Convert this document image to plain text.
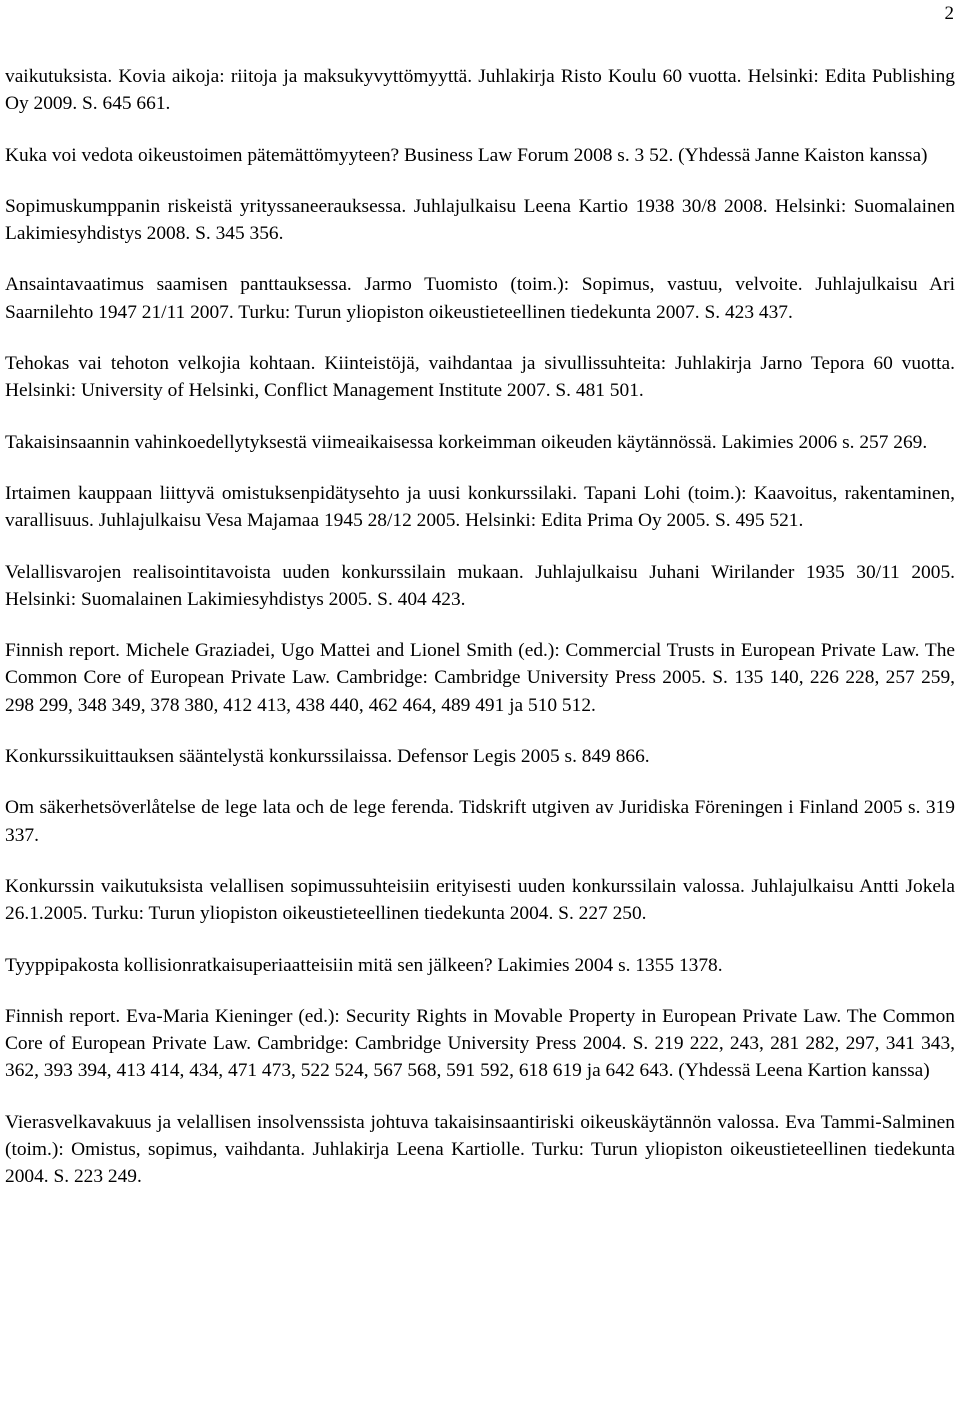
2

vaikutuksista. Kovia aikoja: riitoja ja maksukyvyttömyyttä. Juhlakirja Risto Koulu 60 vuotta. Helsinki: Edita Publishing Oy 2009. S. 645 661.

Kuka voi vedota oikeustoimen pätemättömyyteen? Business Law Forum 2008 s. 3 52. (Yhdessä Janne Kaiston kanssa)

Sopimuskumppanin riskeistä yrityssaneerauksessa. Juhlajulkaisu Leena Kartio 1938 30/8 2008. Helsinki: Suomalainen Lakimiesyhdistys 2008. S. 345 356.

Ansaintavaatimus saamisen panttauksessa. Jarmo Tuomisto (toim.): Sopimus, vastuu, velvoite. Juhlajulkaisu Ari Saarnilehto 1947 21/11 2007. Turku: Turun yliopiston oikeustieteellinen tiedekunta 2007. S. 423 437.

Tehokas vai tehoton velkojia kohtaan. Kiinteistöjä, vaihdantaa ja sivullissuhteita: Juhlakirja Jarno Tepora 60 vuotta. Helsinki: University of Helsinki, Conflict Management Institute 2007. S. 481 501.

Takaisinsaannin vahinkoedellytyksestä viimeaikaisessa korkeimman oikeuden käytännössä. Lakimies 2006 s. 257 269.

Irtaimen kauppaan liittyvä omistuksenpidätysehto ja uusi konkurssilaki. Tapani Lohi (toim.): Kaavoitus, rakentaminen, varallisuus. Juhlajulkaisu Vesa Majamaa 1945 28/12 2005. Helsinki: Edita Prima Oy 2005. S. 495 521.

Velallisvarojen realisointitavoista uuden konkurssilain mukaan. Juhlajulkaisu Juhani Wirilander 1935 30/11 2005. Helsinki: Suomalainen Lakimiesyhdistys 2005. S. 404 423.

Finnish report. Michele Graziadei, Ugo Mattei and Lionel Smith (ed.): Commercial Trusts in European Private Law. The Common Core of European Private Law. Cambridge: Cambridge University Press 2005. S. 135 140, 226 228, 257 259, 298 299, 348 349, 378 380, 412 413, 438 440, 462 464, 489 491 ja 510 512.

Konkurssikuittauksen sääntelystä konkurssilaissa. Defensor Legis 2005 s. 849 866.

Om säkerhetsöverlåtelse de lege lata och de lege ferenda. Tidskrift utgiven av Juridiska Föreningen i Finland 2005 s. 319 337.

Konkurssin vaikutuksista velallisen sopimussuhteisiin erityisesti uuden konkurssilain valossa. Juhlajulkaisu Antti Jokela 26.1.2005. Turku: Turun yliopiston oikeustieteellinen tiedekunta 2004. S. 227 250.

Tyyppipakosta kollisionratkaisuperiaatteisiin mitä sen jälkeen? Lakimies 2004 s. 1355 1378.

Finnish report. Eva-Maria Kieninger (ed.): Security Rights in Movable Property in European Private Law. The Common Core of European Private Law. Cambridge: Cambridge University Press 2004. S. 219 222, 243, 281 282, 297, 341 343, 362, 393 394, 413 414, 434, 471 473, 522 524, 567 568, 591 592, 618 619 ja 642 643. (Yhdessä Leena Kartion kanssa)

Vierasvelkavakuus ja velallisen insolvenssista johtuva takaisinsaantiriski oikeuskäytännön valossa. Eva Tammi-Salminen (toim.): Omistus, sopimus, vaihdanta. Juhlakirja Leena Kartiolle. Turku: Turun yliopiston oikeustieteellinen tiedekunta 2004. S. 223 249.
